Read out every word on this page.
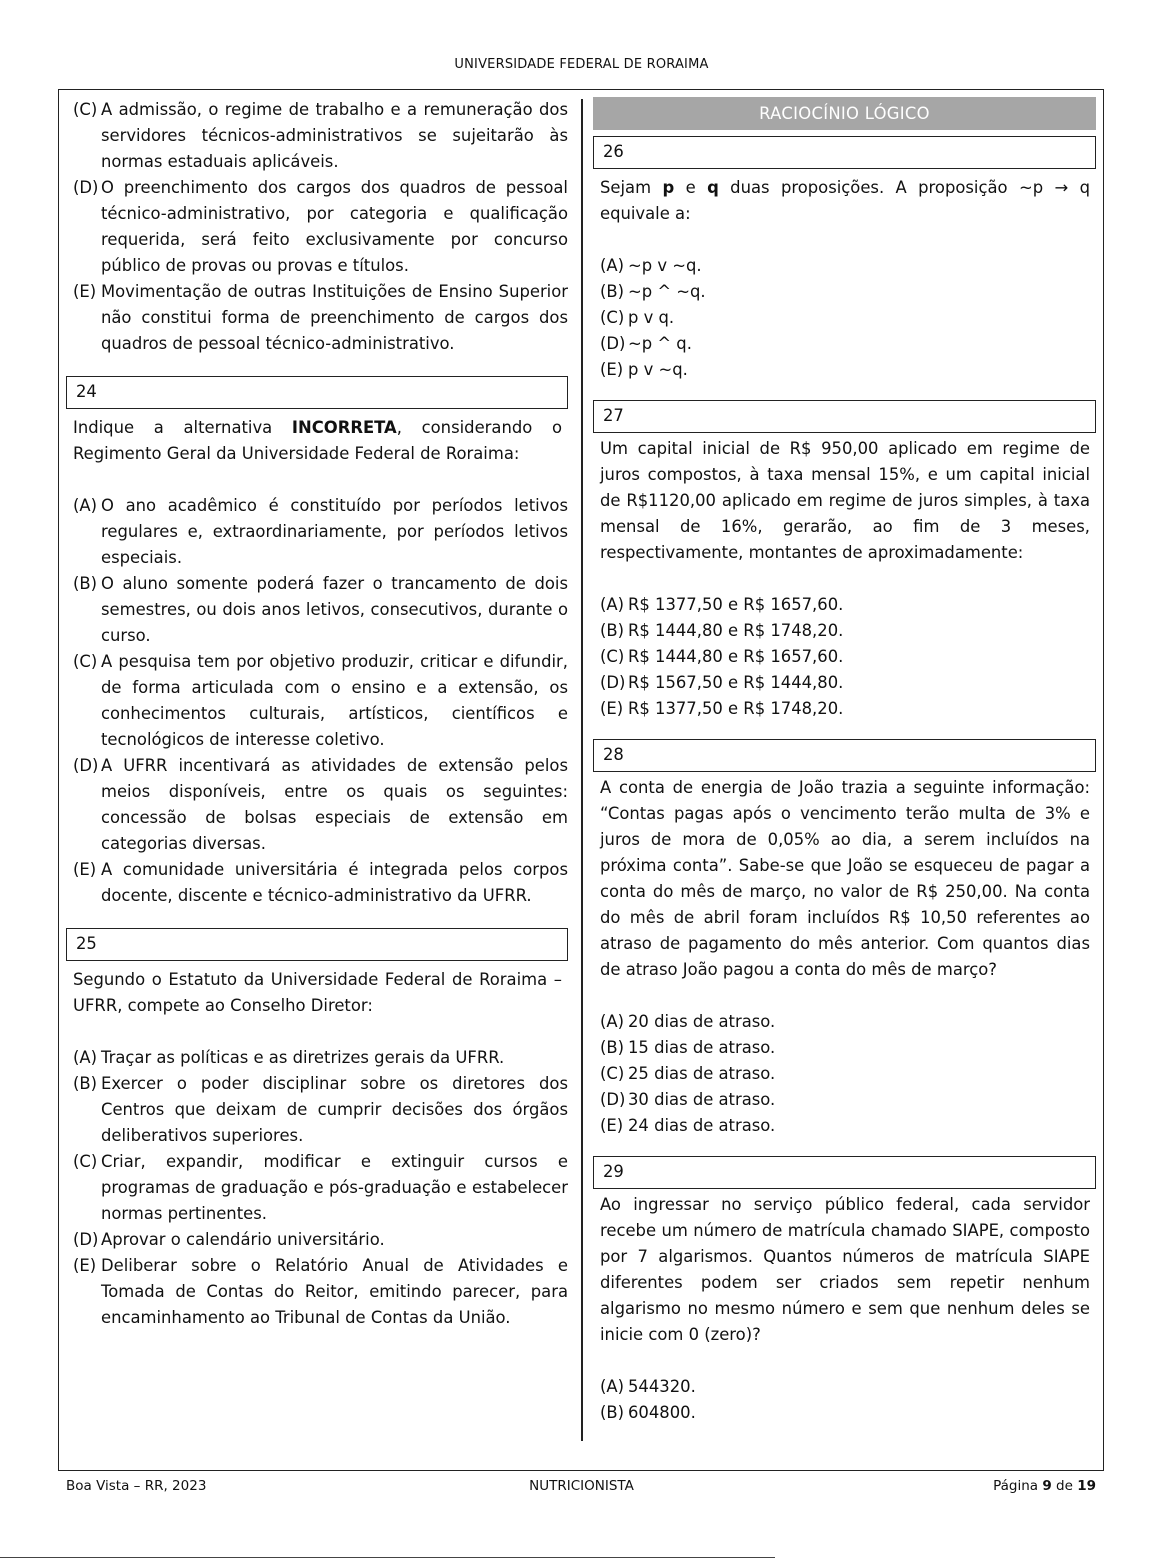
UNIVERSIDADE FEDERAL DE RORAIMA
(C) A admissão, o regime de trabalho e a remuneração dos servidores técnicos-administrativos se sujeitarão às normas estaduais aplicáveis.
(D) O preenchimento dos cargos dos quadros de pessoal técnico-administrativo, por categoria e qualificação requerida, será feito exclusivamente por concurso público de provas ou provas e títulos.
(E) Movimentação de outras Instituições de Ensino Superior não constitui forma de preenchimento de cargos dos quadros de pessoal técnico-administrativo.
24

Indique a alternativa INCORRETA, considerando o Regimento Geral da Universidade Federal de Roraima:

(A) O ano acadêmico é constituído por períodos letivos regulares e, extraordinariamente, por períodos letivos especiais.
(B) O aluno somente poderá fazer o trancamento de dois semestres, ou dois anos letivos, consecutivos, durante o curso.
(C) A pesquisa tem por objetivo produzir, criticar e difundir, de forma articulada com o ensino e a extensão, os conhecimentos culturais, artísticos, científicos e tecnológicos de interesse coletivo.
(D) A UFRR incentivará as atividades de extensão pelos meios disponíveis, entre os quais os seguintes: concessão de bolsas especiais de extensão em categorias diversas.
(E) A comunidade universitária é integrada pelos corpos docente, discente e técnico-administrativo da UFRR.
25

Segundo o Estatuto da Universidade Federal de Roraima – UFRR, compete ao Conselho Diretor:

(A) Traçar as políticas e as diretrizes gerais da UFRR.
(B) Exercer o poder disciplinar sobre os diretores dos Centros que deixam de cumprir decisões dos órgãos deliberativos superiores.
(C) Criar, expandir, modificar e extinguir cursos e programas de graduação e pós-graduação e estabelecer normas pertinentes.
(D) Aprovar o calendário universitário.
(E) Deliberar sobre o Relatório Anual de Atividades e Tomada de Contas do Reitor, emitindo parecer, para encaminhamento ao Tribunal de Contas da União.
RACIOCÍNIO LÓGICO
26

Sejam p e q duas proposições. A proposição ~p → q equivale a:

(A) ~p v ~q.
(B) ~p ^ ~q.
(C) p v q.
(D) ~p ^ q.
(E) p v ~q.
27

Um capital inicial de R$ 950,00 aplicado em regime de juros compostos, à taxa mensal 15%, e um capital inicial de R$1120,00 aplicado em regime de juros simples, à taxa mensal de 16%, gerarão, ao fim de 3 meses, respectivamente, montantes de aproximadamente:

(A) R$ 1377,50 e R$ 1657,60.
(B) R$ 1444,80 e R$ 1748,20.
(C) R$ 1444,80 e R$ 1657,60.
(D) R$ 1567,50 e R$ 1444,80.
(E) R$ 1377,50 e R$ 1748,20.
28

A conta de energia de João trazia a seguinte informação: “Contas pagas após o vencimento terão multa de 3% e juros de mora de 0,05% ao dia, a serem incluídos na próxima conta”. Sabe-se que João se esqueceu de pagar a conta do mês de março, no valor de R$ 250,00. Na conta do mês de abril foram incluídos R$ 10,50 referentes ao atraso de pagamento do mês anterior. Com quantos dias de atraso João pagou a conta do mês de março?

(A) 20 dias de atraso.
(B) 15 dias de atraso.
(C) 25 dias de atraso.
(D) 30 dias de atraso.
(E) 24 dias de atraso.
29

Ao ingressar no serviço público federal, cada servidor recebe um número de matrícula chamado SIAPE, composto por 7 algarismos. Quantos números de matrícula SIAPE diferentes podem ser criados sem repetir nenhum algarismo no mesmo número e sem que nenhum deles se inicie com 0 (zero)?

(A) 544320.
(B) 604800.
Boa Vista – RR, 2023	NUTRICIONISTA	Página 9 de 19
